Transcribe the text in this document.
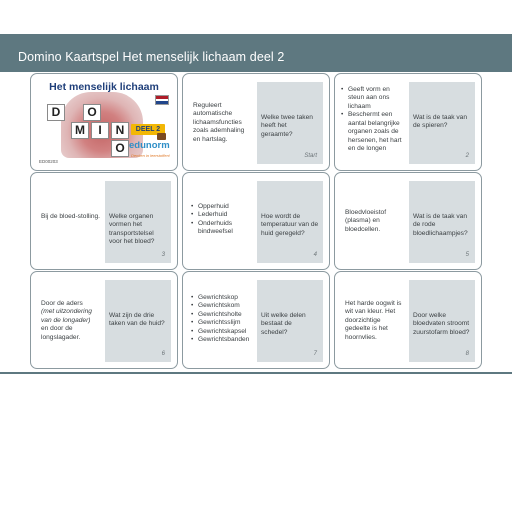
Domino Kaartspel Het menselijk lichaam deel 2
Het menselijk lichaam
D	O
M	I	N
O
DEEL 2
edunorm
Denken in leerstoffen!
ED00203
Reguleert automatische lichaamsfuncties zoals ademhaling en hartslag.
Welke twee taken heeft het geraamte?
Start
• Geeft vorm en steun aan ons lichaam
• Beschermt een aantal belangrijke organen zoals de hersenen, het hart en de longen
Wat is de taak van de spieren?
2
Bij de bloed-stolling. Welke organen vormen het transportstelsel voor het bloed?
3
• Opperhuid
• Lederhuid
• Onderhuids bindweefsel
Hoe wordt de temperatuur van de huid geregeld?
4
Bloedvloeistof (plasma) en bloedcellen.
Wat is de taak van de rode bloedlichaampjes?
5
Door de aders
(met uitzondering van de longader)
en door de longslagader.
Wat zijn de drie taken van de huid?
6
• Gewrichtskop
• Gewrichtskom
• Gewrichtsholte
• Gewrichtsslijm
• Gewrichtskapsel
• Gewrichtsbanden
Uit welke delen bestaat de schedel?
7
Het harde oogwit is wit van kleur. Het doorzichtige gedeelte is het hoornvlies.
Door welke bloedvaten stroomt zuurstofarm bloed?
8
